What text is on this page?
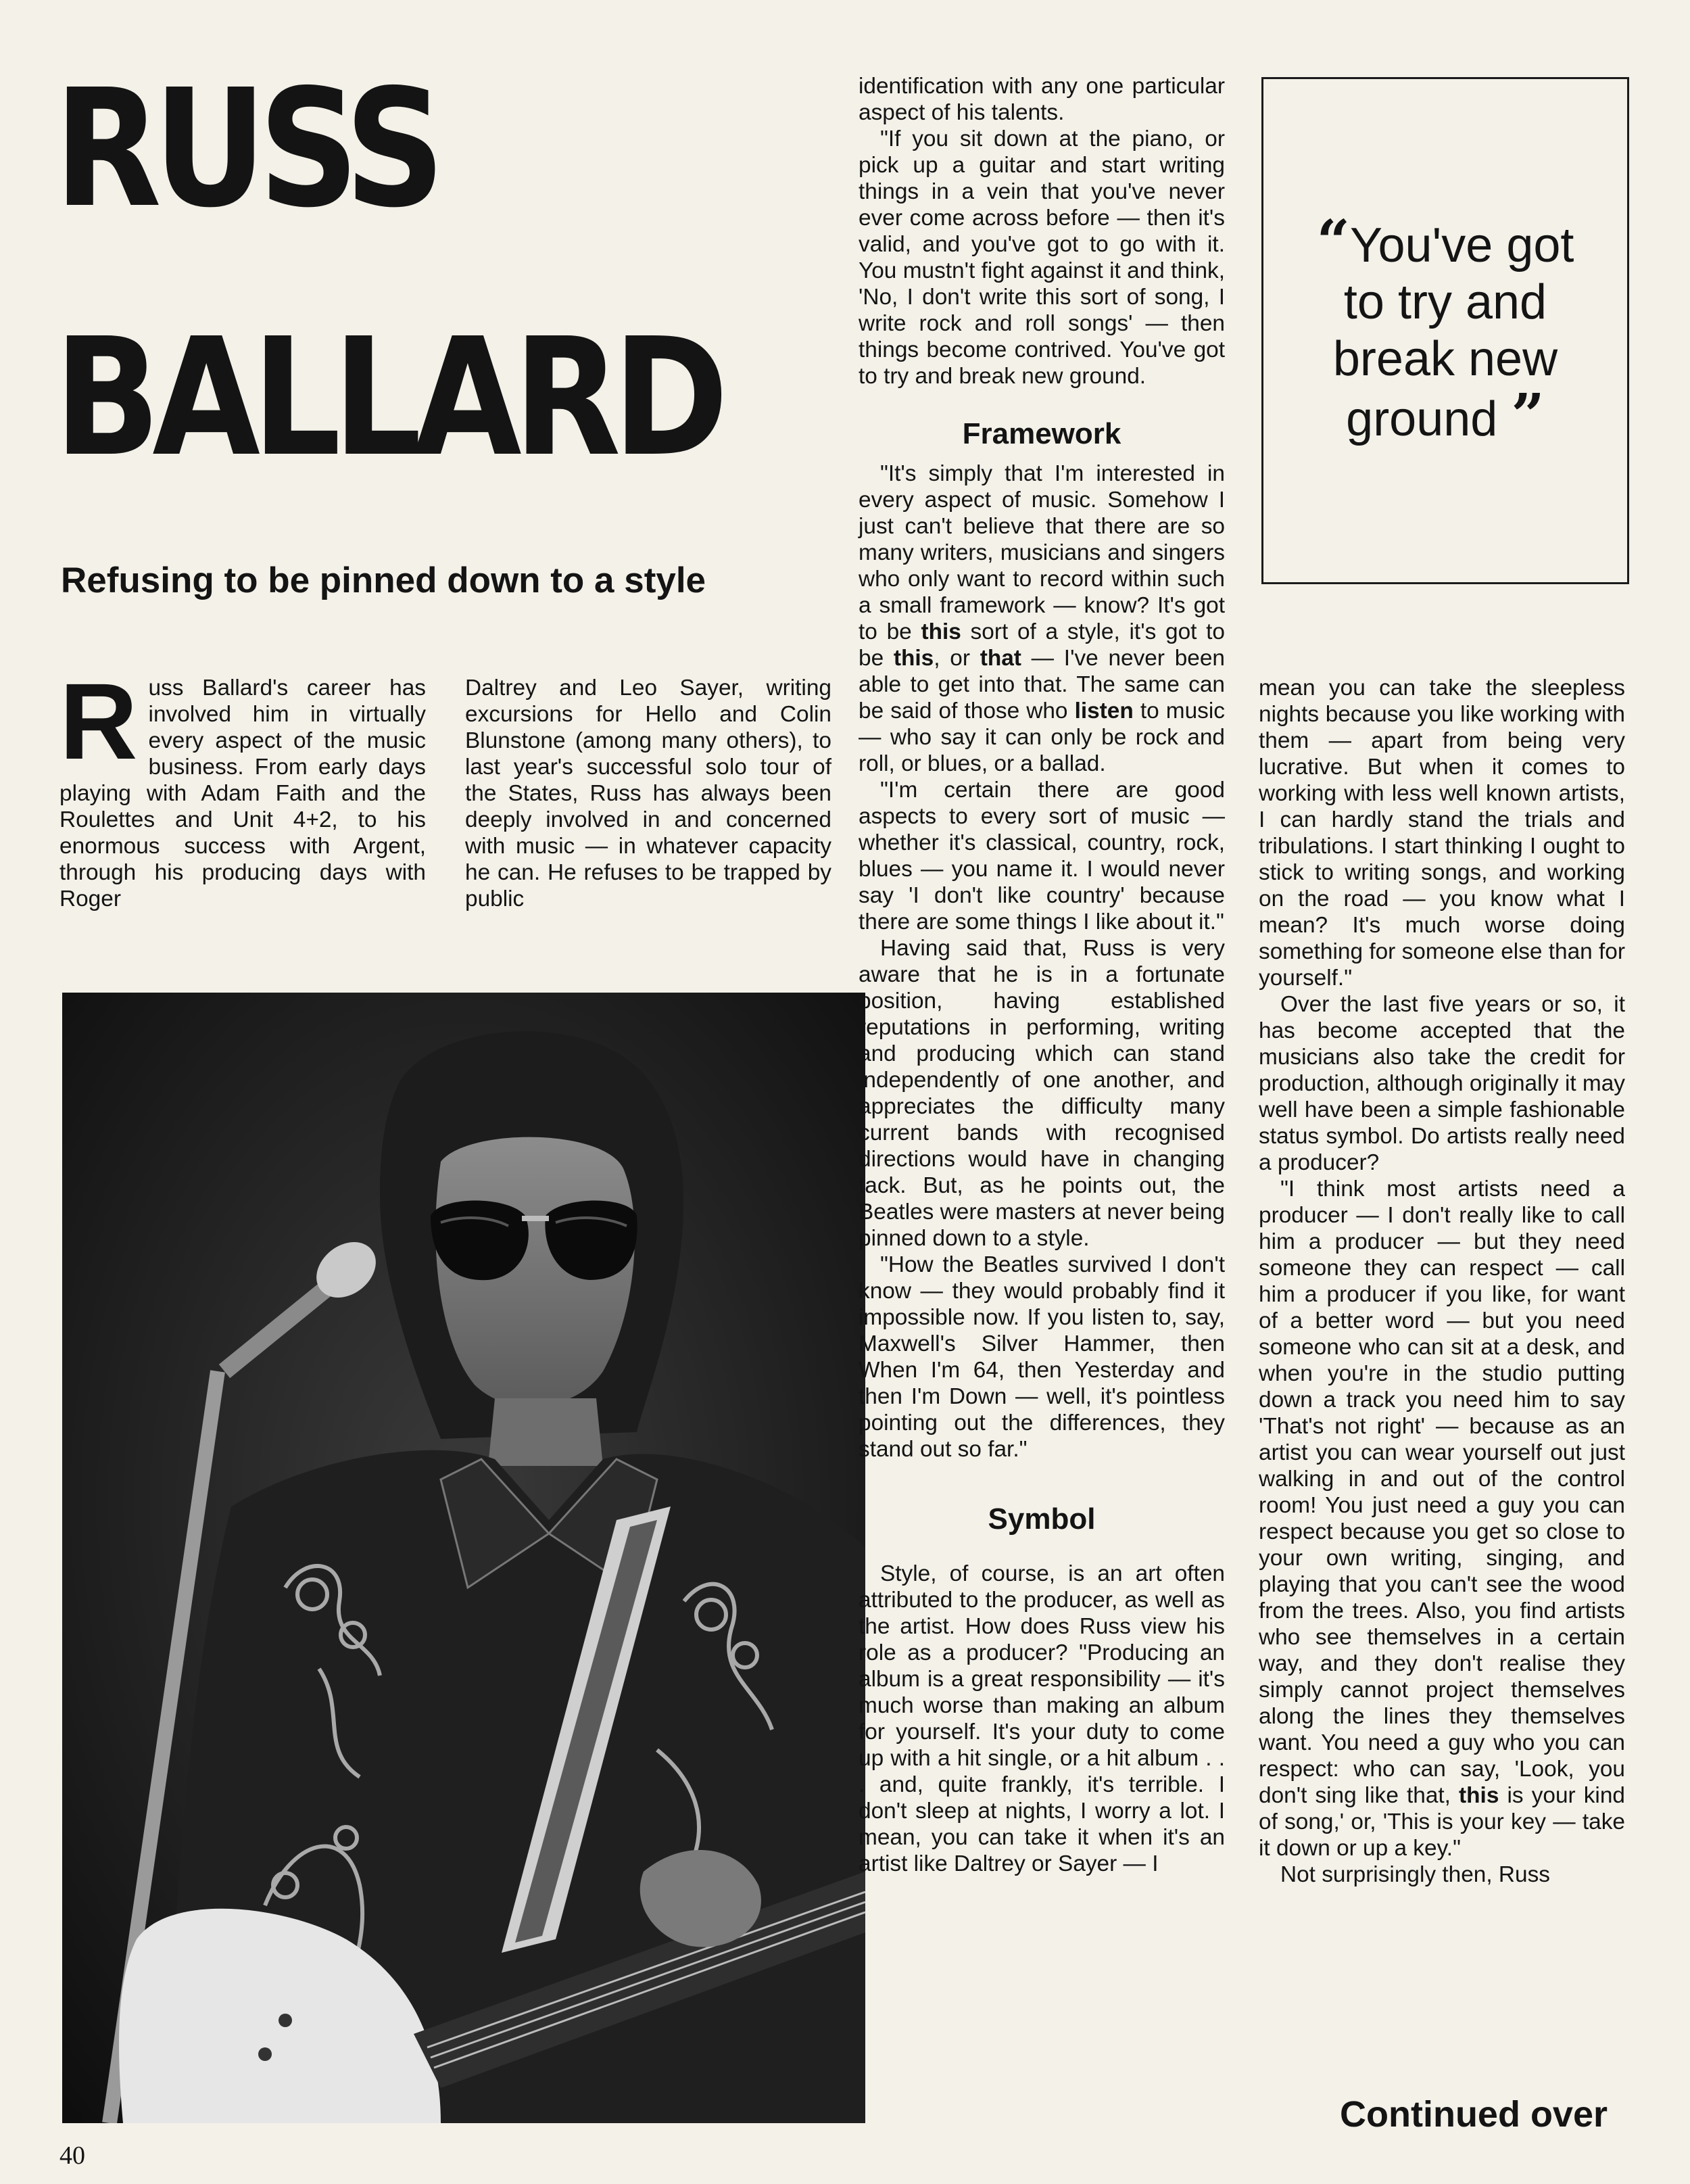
RUSS
BALLARD
Refusing to be pinned down to a style

Russ Ballard's career has involved him in virtually every aspect of the music business. From early days playing with Adam Faith and the Roulettes and Unit 4+2, to his enormous success with Argent, through his producing days with Roger

Daltrey and Leo Sayer, writing excursions for Hello and Colin Blunstone (among many others), to last year's successful solo tour of the States, Russ has always been deeply involved in and concerned with music — in whatever capacity he can. He refuses to be trapped by public

identification with any one particular aspect of his talents.

"If you sit down at the piano, or pick up a guitar and start writing things in a vein that you've never ever come across before — then it's valid, and you've got to go with it. You mustn't fight against it and think, 'No, I don't write this sort of song, I write rock and roll songs' — then things become contrived. You've got to try and break new ground.

Framework

"It's simply that I'm interested in every aspect of music. Somehow I just can't believe that there are so many writers, musicians and singers who only want to record within such a small framework — know? It's got to be this sort of a style, it's got to be this, or that — I've never been able to get into that. The same can be said of those who listen to music — who say it can only be rock and roll, or blues, or a ballad.

"I'm certain there are good aspects to every sort of music — whether it's classical, country, rock, blues — you name it. I would never say 'I don't like country' because there are some things I like about it."

Having said that, Russ is very aware that he is in a fortunate position, having established reputations in performing, writing and producing which can stand independently of one another, and appreciates the difficulty many current bands with recognised directions would have in changing tack. But, as he points out, the Beatles were masters at never being pinned down to a style.

"How the Beatles survived I don't know — they would probably find it impossible now. If you listen to, say, Maxwell's Silver Hammer, then When I'm 64, then Yesterday and then I'm Down — well, it's pointless pointing out the differences, they stand out so far."

Symbol

Style, of course, is an art often attributed to the producer, as well as the artist. How does Russ view his role as a producer? "Producing an album is a great responsibility — it's much worse than making an album for yourself. It's your duty to come up with a hit single, or a hit album . . . and, quite frankly, it's terrible. I don't sleep at nights, I worry a lot. I mean, you can take it when it's an artist like Daltrey or Sayer — I

“You've got to try and break new ground ”

mean you can take the sleepless nights because you like working with them — apart from being very lucrative. But when it comes to working with less well known artists, I can hardly stand the trials and tribulations. I start thinking I ought to stick to writing songs, and working on the road — you know what I mean? It's much worse doing something for someone else than for yourself."

Over the last five years or so, it has become accepted that the musicians also take the credit for production, although originally it may well have been a simple fashionable status symbol. Do artists really need a producer?

"I think most artists need a producer — I don't really like to call him a producer — but they need someone they can respect — call him a producer if you like, for want of a better word — but you need someone who can sit at a desk, and when you're in the studio putting down a track you need him to say 'That's not right' — because as an artist you can wear yourself out just walking in and out of the control room! You just need a guy you can respect because you get so close to your own writing, singing, and playing that you can't see the wood from the trees. Also, you find artists who see themselves in a certain way, and they don't realise they simply cannot project themselves along the lines they themselves want. You need a guy who you can respect: who can say, 'Look, you don't sing like that, this is your kind of song,' or, 'This is your key — take it down or up a key."

Not surprisingly then, Russ

Continued over
40
